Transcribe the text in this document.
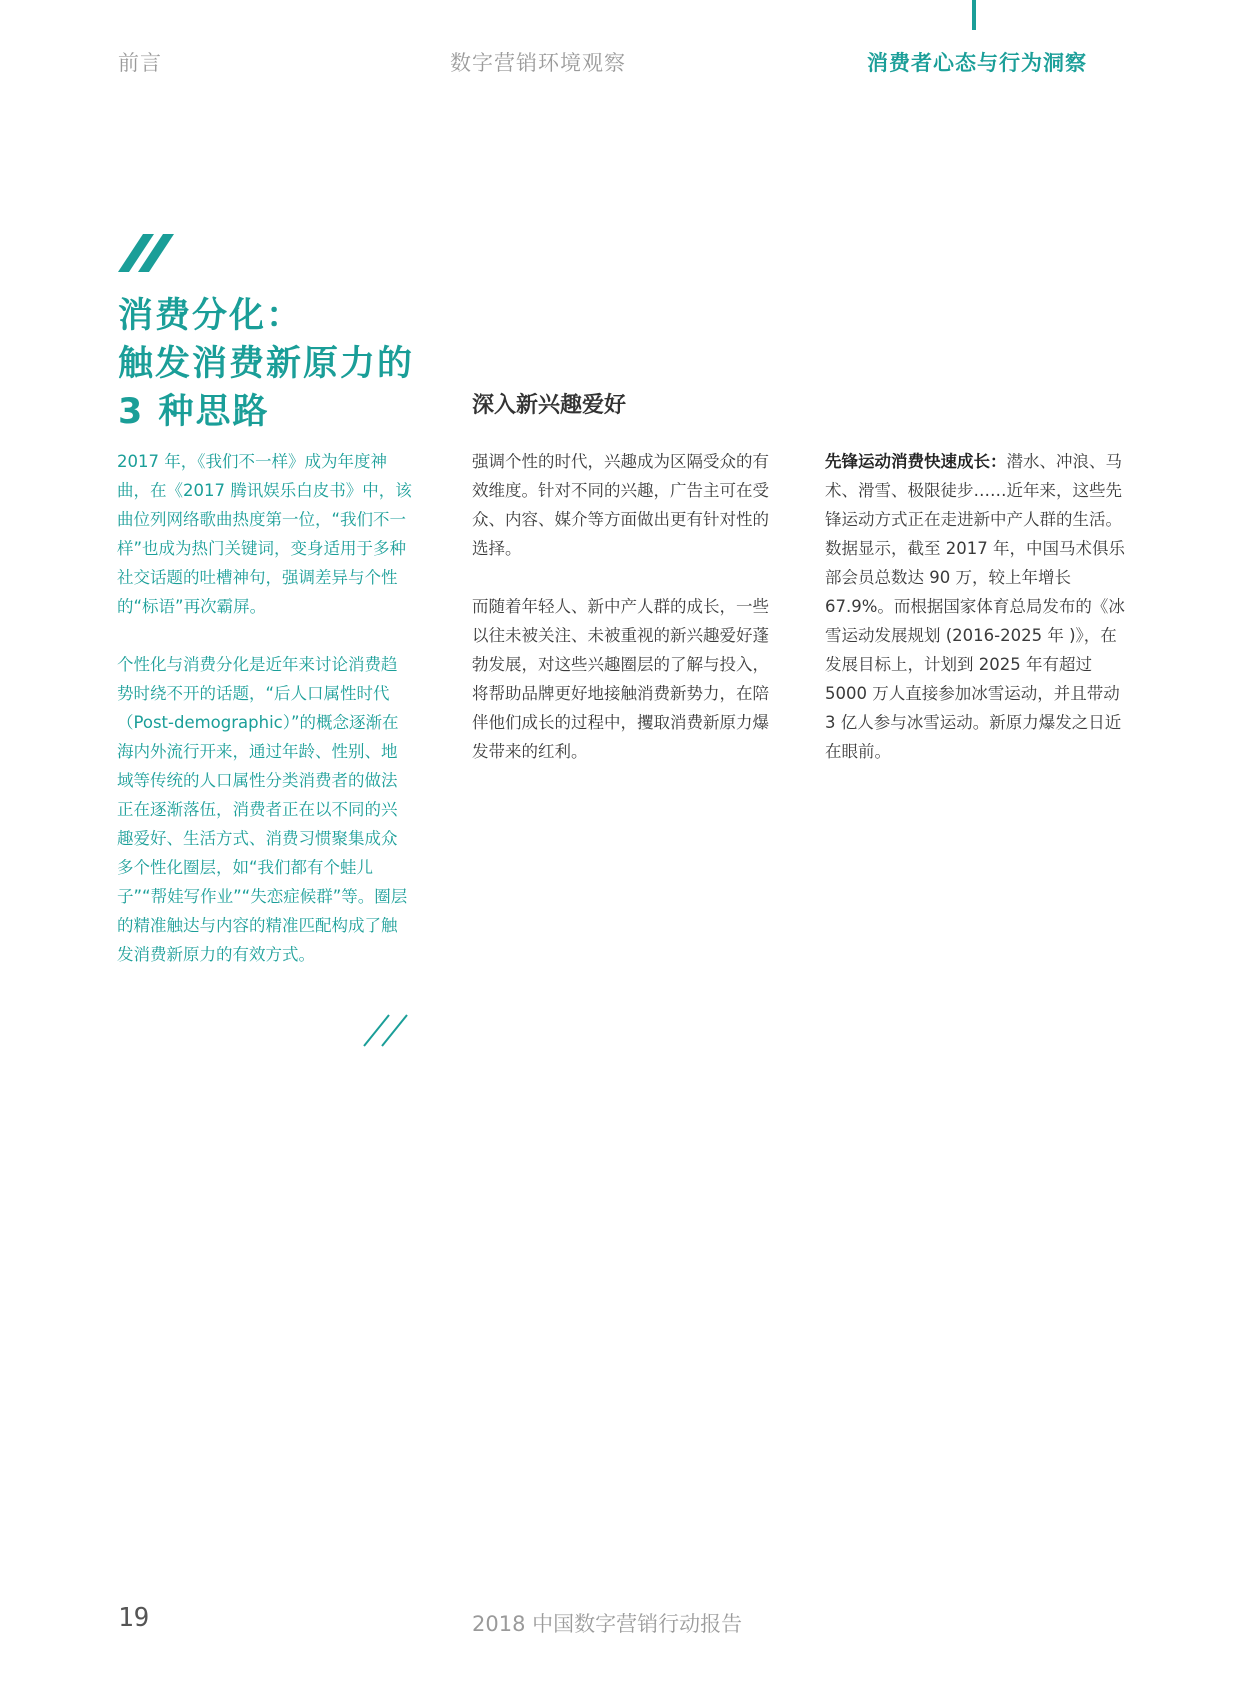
前言	数字营销环境观察	消费者心态与行为洞察
消费分化：
触发消费新原力的
3 种思路	深入新兴趣爱好

2017 年，《我们不一样》成为年度神曲，在《2017 腾讯娱乐白皮书》中，该曲位列网络歌曲热度第一位，“我们不一样”也成为热门关键词，变身适用于多种社交话题的吐槽神句，强调差异与个性的“标语”再次霸屏。

个性化与消费分化是近年来讨论消费趋势时绕不开的话题，“后人口属性时代（Post-demographic）”的概念逐渐在海内外流行开来，通过年龄、性别、地域等传统的人口属性分类消费者的做法正在逐渐落伍，消费者正在以不同的兴趣爱好、生活方式、消费习惯聚集成众多个性化圈层，如“我们都有个蛙儿子”“帮娃写作业”“失恋症候群”等。圈层的精准触达与内容的精准匹配构成了触发消费新原力的有效方式。

强调个性的时代，兴趣成为区隔受众的有效维度。针对不同的兴趣，广告主可在受众、内容、媒介等方面做出更有针对性的选择。

而随着年轻人、新中产人群的成长，一些以往未被关注、未被重视的新兴趣爱好蓬勃发展，对这些兴趣圈层的了解与投入，将帮助品牌更好地接触消费新势力，在陪伴他们成长的过程中，攫取消费新原力爆发带来的红利。

先锋运动消费快速成长：潜水、冲浪、马术、滑雪、极限徒步……近年来，这些先锋运动方式正在走进新中产人群的生活。数据显示，截至 2017 年，中国马术俱乐部会员总数达 90 万，较上年增长 67.9%。而根据国家体育总局发布的《冰雪运动发展规划 (2016-2025 年 )》，在发展目标上，计划到 2025 年有超过 5000 万人直接参加冰雪运动，并且带动 3 亿人参与冰雪运动。新原力爆发之日近在眼前。

19	2018 中国数字营销行动报告
